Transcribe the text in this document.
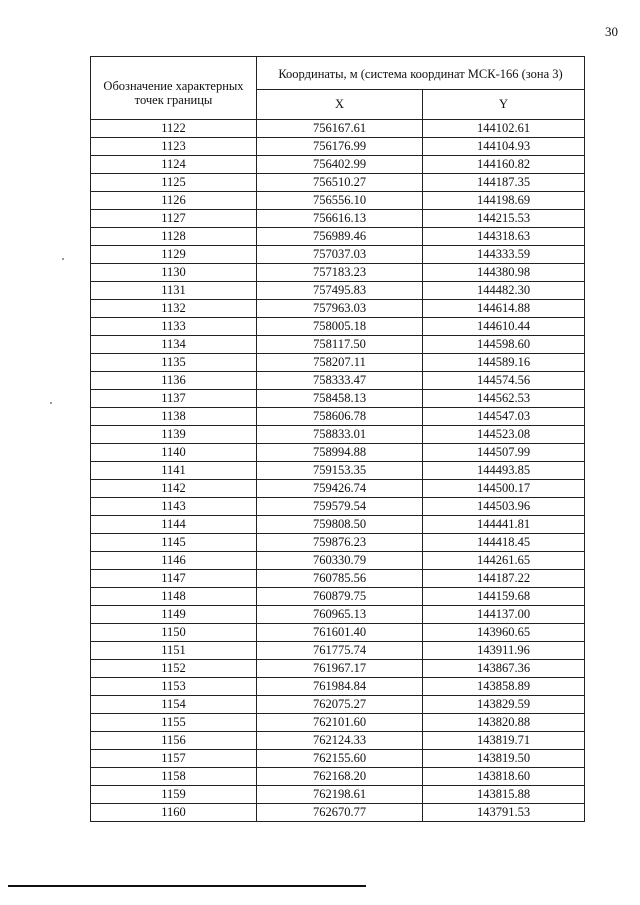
30
Обозначение характерных точек границы	Координаты, м (система координат МСК-166 (зона 3)	
	X	Y
1122	756167.61	144102.61
1123	756176.99	144104.93
1124	756402.99	144160.82
1125	756510.27	144187.35
1126	756556.10	144198.69
1127	756616.13	144215.53
1128	756989.46	144318.63
1129	757037.03	144333.59
1130	757183.23	144380.98
1131	757495.83	144482.30
1132	757963.03	144614.88
1133	758005.18	144610.44
1134	758117.50	144598.60
1135	758207.11	144589.16
1136	758333.47	144574.56
1137	758458.13	144562.53
1138	758606.78	144547.03
1139	758833.01	144523.08
1140	758994.88	144507.99
1141	759153.35	144493.85
1142	759426.74	144500.17
1143	759579.54	144503.96
1144	759808.50	144441.81
1145	759876.23	144418.45
1146	760330.79	144261.65
1147	760785.56	144187.22
1148	760879.75	144159.68
1149	760965.13	144137.00
1150	761601.40	143960.65
1151	761775.74	143911.96
1152	761967.17	143867.36
1153	761984.84	143858.89
1154	762075.27	143829.59
1155	762101.60	143820.88
1156	762124.33	143819.71
1157	762155.60	143819.50
1158	762168.20	143818.60
1159	762198.61	143815.88
1160	762670.77	143791.53
